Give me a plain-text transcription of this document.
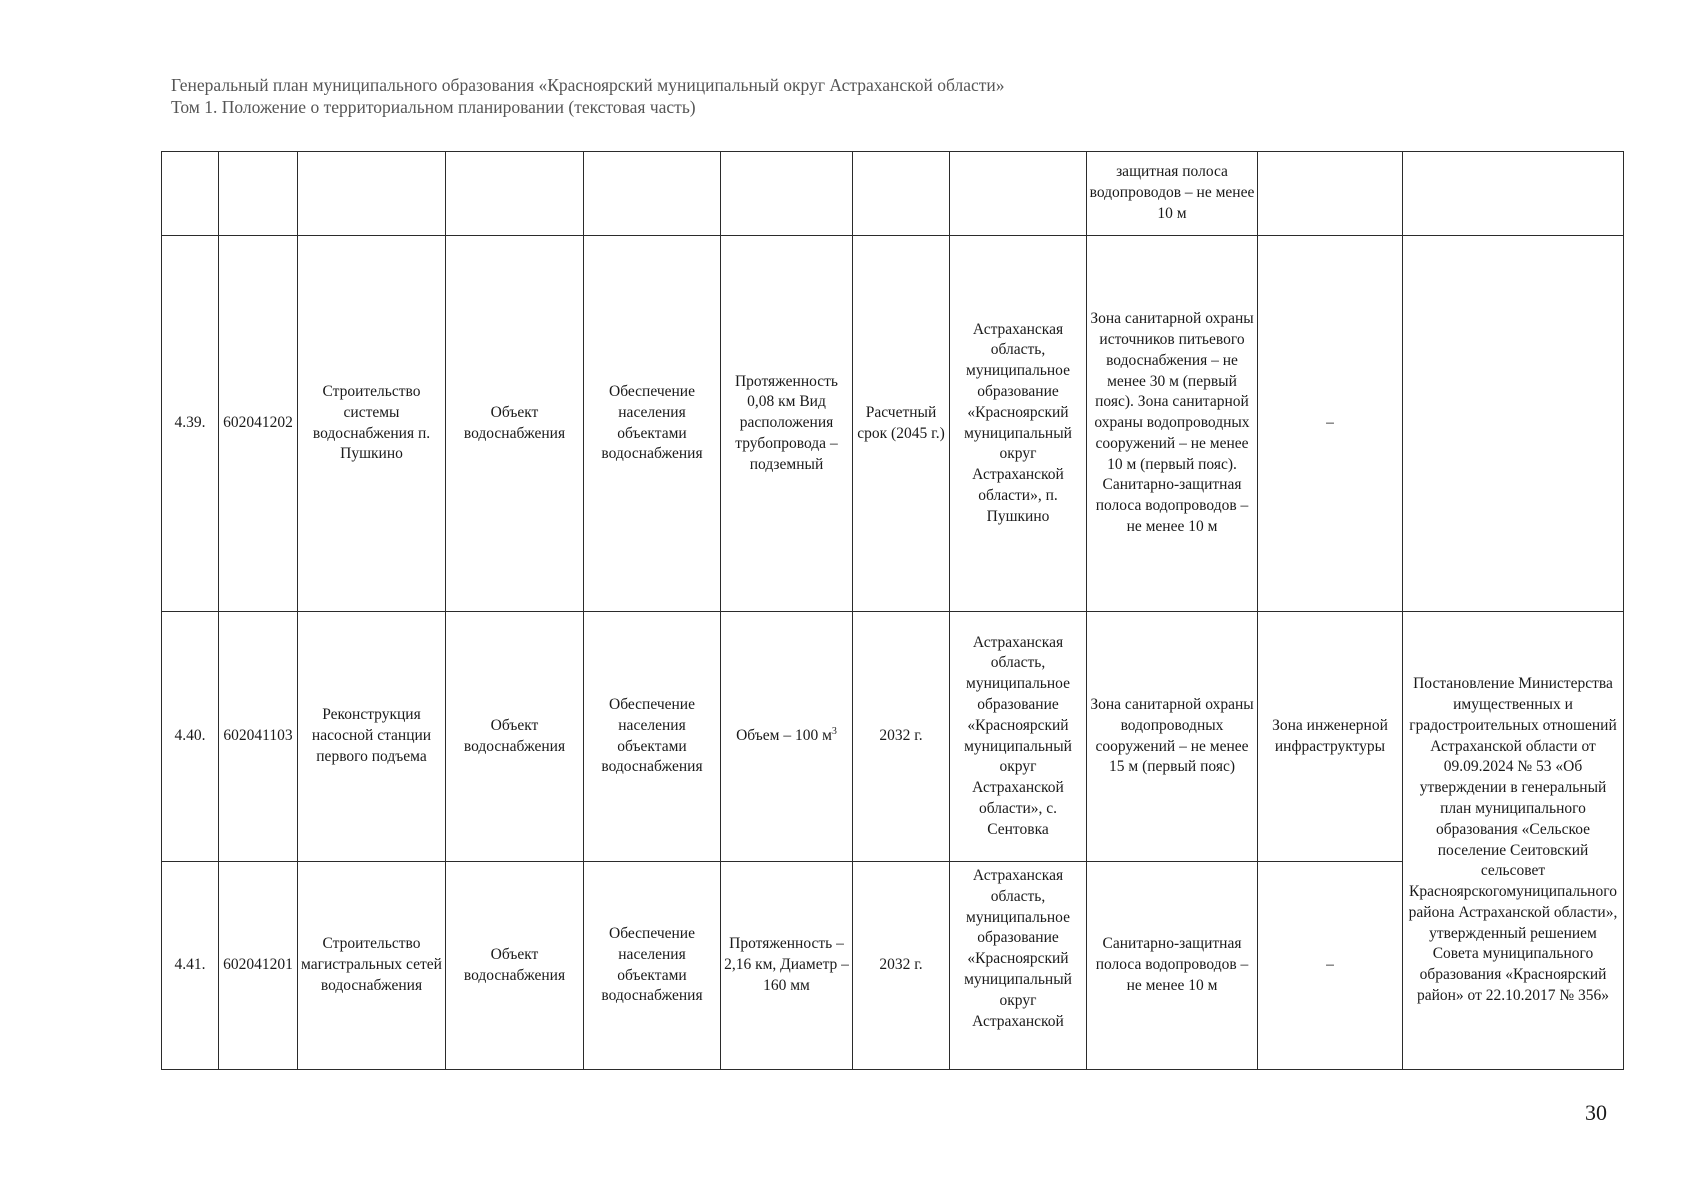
Генеральный план муниципального образования «Красноярский муниципальный округ Астраханской области»
Том 1. Положение о территориальном планировании (текстовая часть)
								защитная полоса водопроводов – не менее 10 м		
4.39.	602041202	Строительство системы водоснабжения п. Пушкино	Объект водоснабжения	Обеспечение населения объектами водоснабжения	Протяженность 0,08 км Вид расположения трубопровода – подземный	Расчетный срок (2045 г.)	Астраханская область, муниципальное образование «Красноярский муниципальный округ Астраханской области», п. Пушкино	Зона санитарной охраны источников питьевого водоснабжения – не менее 30 м (первый пояс). Зона санитарной охраны водопроводных сооружений – не менее 10 м (первый пояс). Санитарно-защитная полоса водопроводов – не менее 10 м	–	
4.40.	602041103	Реконструкция насосной станции первого подъема	Объект водоснабжения	Обеспечение населения объектами водоснабжения	Объем – 100 $м^3$	2032 г.	Астраханская область, муниципальное образование «Красноярский муниципальный округ Астраханской области», с. Сентовка	Зона санитарной охраны водопроводных сооружений – не менее 15 м (первый пояс)	Зона инженерной инфраструктуры	Постановление Министерства имущественных и градостроительных отношений Астраханской области от 09.09.2024 № 53 «Об утверждении в генеральный план муниципального образования «Сельское поселение Сеитовский сельсовет Красноярскогомуниципального района Астраханской области», утвержденный решением Совета муниципального образования «Красноярский район» от 22.10.2017 № 356»
4.41.	602041201	Строительство магистральных сетей водоснабжения	Объект водоснабжения	Обеспечение населения объектами водоснабжения	Протяженность – 2,16 км, Диаметр – 160 мм	2032 г.	Астраханская область, муниципальное образование «Красноярский муниципальный округ Астраханской	Санитарно-защитная полоса водопроводов – не менее 10 м	–	
30
